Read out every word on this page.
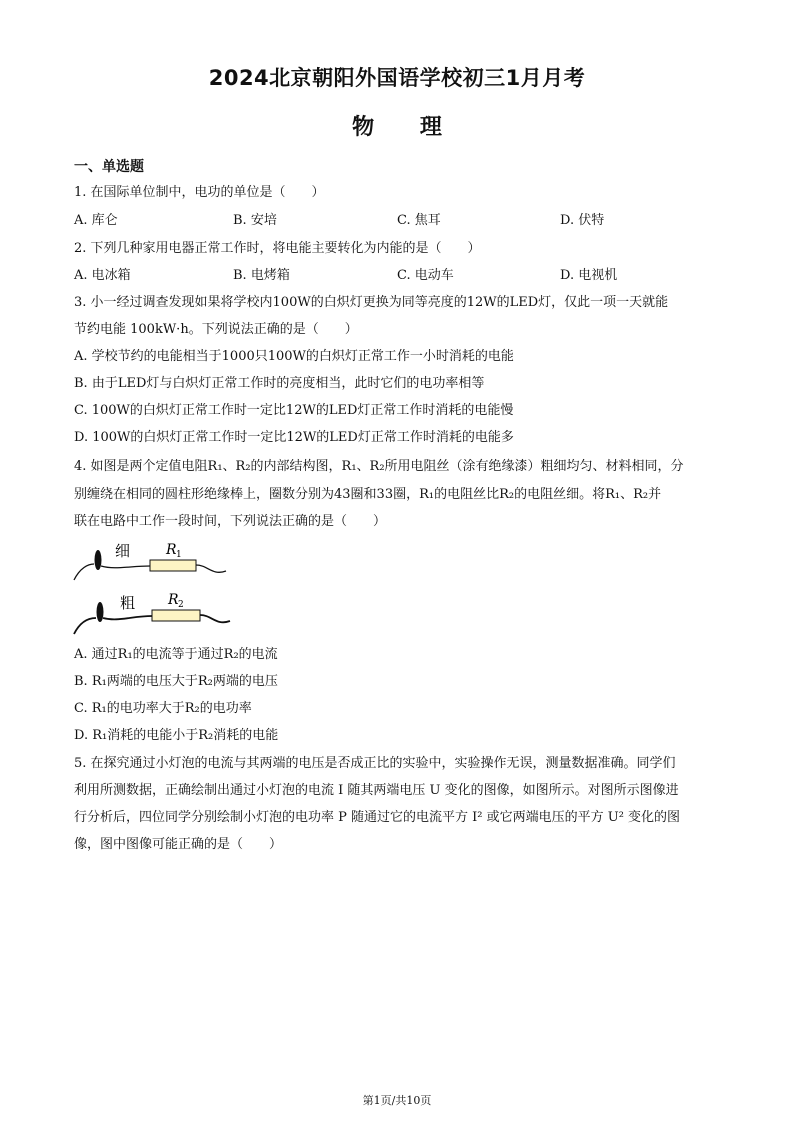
2024北京朝阳外国语学校初三1月月考
物 理
一、单选题
1. 在国际单位制中，电功的单位是（　　）
A. 库仑	B. 安培	C. 焦耳	D. 伏特
2. 下列几种家用电器正常工作时，将电能主要转化为内能的是（　　）
A. 电冰箱	B. 电烤箱	C. 电动车	D. 电视机
3. 小一经过调查发现如果将学校内100W的白炽灯更换为同等亮度的12W的LED灯，仅此一项一天就能
节约电能 100kW·h。下列说法正确的是（　　）
A. 学校节约的电能相当于1000只100W的白炽灯正常工作一小时消耗的电能
B. 由于LED灯与白炽灯正常工作时的亮度相当，此时它们的电功率相等
C. 100W的白炽灯正常工作时一定比12W的LED灯正常工作时消耗的电能慢
D. 100W的白炽灯正常工作时一定比12W的LED灯正常工作时消耗的电能多
4. 如图是两个定值电阻R₁、R₂的内部结构图，R₁、R₂所用电阻丝（涂有绝缘漆）粗细均匀、材料相同，分
别缠绕在相同的圆柱形绝缘棒上，圈数分别为43圈和33圈，R₁的电阻丝比R₂的电阻丝细。将R₁、R₂并
联在电路中工作一段时间，下列说法正确的是（　　）
细	R 1
粗 R 2
A. 通过R₁的电流等于通过R₂的电流
B. R₁两端的电压大于R₂两端的电压
C. R₁的电功率大于R₂的电功率
D. R₁消耗的电能小于R₂消耗的电能
5. 在探究通过小灯泡的电流与其两端的电压是否成正比的实验中，实验操作无误，测量数据准确。同学们
利用所测数据，正确绘制出通过小灯泡的电流 I 随其两端电压 U 变化的图像，如图所示。对图所示图像进
行分析后，四位同学分别绘制小灯泡的电功率 P 随通过它的电流平方 I² 或它两端电压的平方 U² 变化的图
像，图中图像可能正确的是（　　）
第1页/共10页
